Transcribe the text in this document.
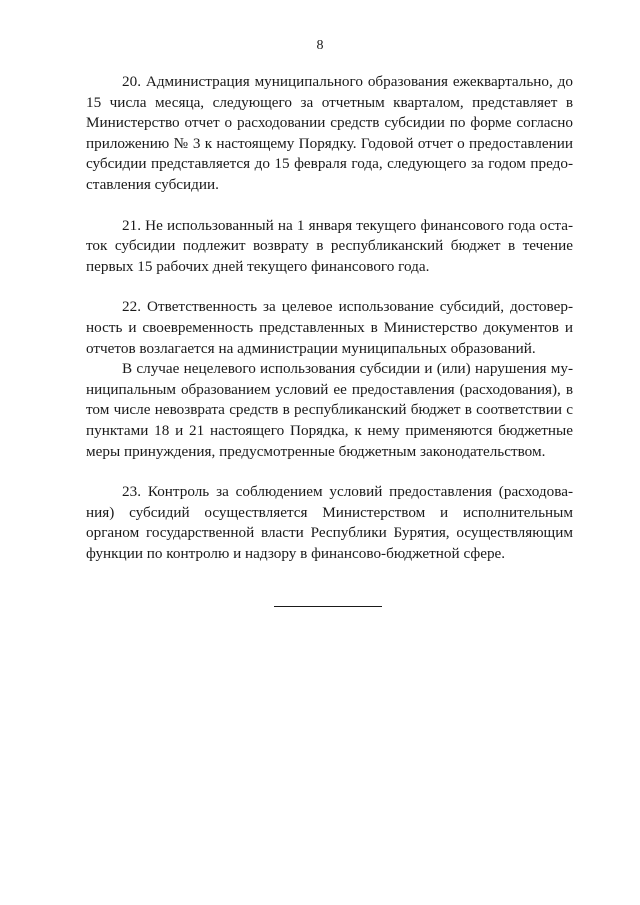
8

20. Администрация муниципального образования ежеквартально, до 15 числа месяца, следующего за отчетным кварталом, представляет в Министерство отчет о расходовании средств субсидии по форме согласно приложению № 3 к настоящему Порядку. Годовой отчет о предоставлении субсидии представляется до 15 февраля года, следующего за годом предоставления субсидии.

21. Не использованный на 1 января текущего финансового года остаток субсидии подлежит возврату в республиканский бюджет в течение первых 15 рабочих дней текущего финансового года.

22. Ответственность за целевое использование субсидий, достоверность и своевременность представленных в Министерство документов и отчетов возлагается на администрации муниципальных образований.

В случае нецелевого использования субсидии и (или) нарушения муниципальным образованием условий ее предоставления (расходования), в том числе невозврата средств в республиканский бюджет в соответствии с пунктами 18 и 21 настоящего Порядка, к нему применяются бюджетные меры принуждения, предусмотренные бюджетным законодательством.

23. Контроль за соблюдением условий предоставления (расходования) субсидий осуществляется Министерством и исполнительным органом государственной власти Республики Бурятия, осуществляющим функции по контролю и надзору в финансово-бюджетной сфере.
